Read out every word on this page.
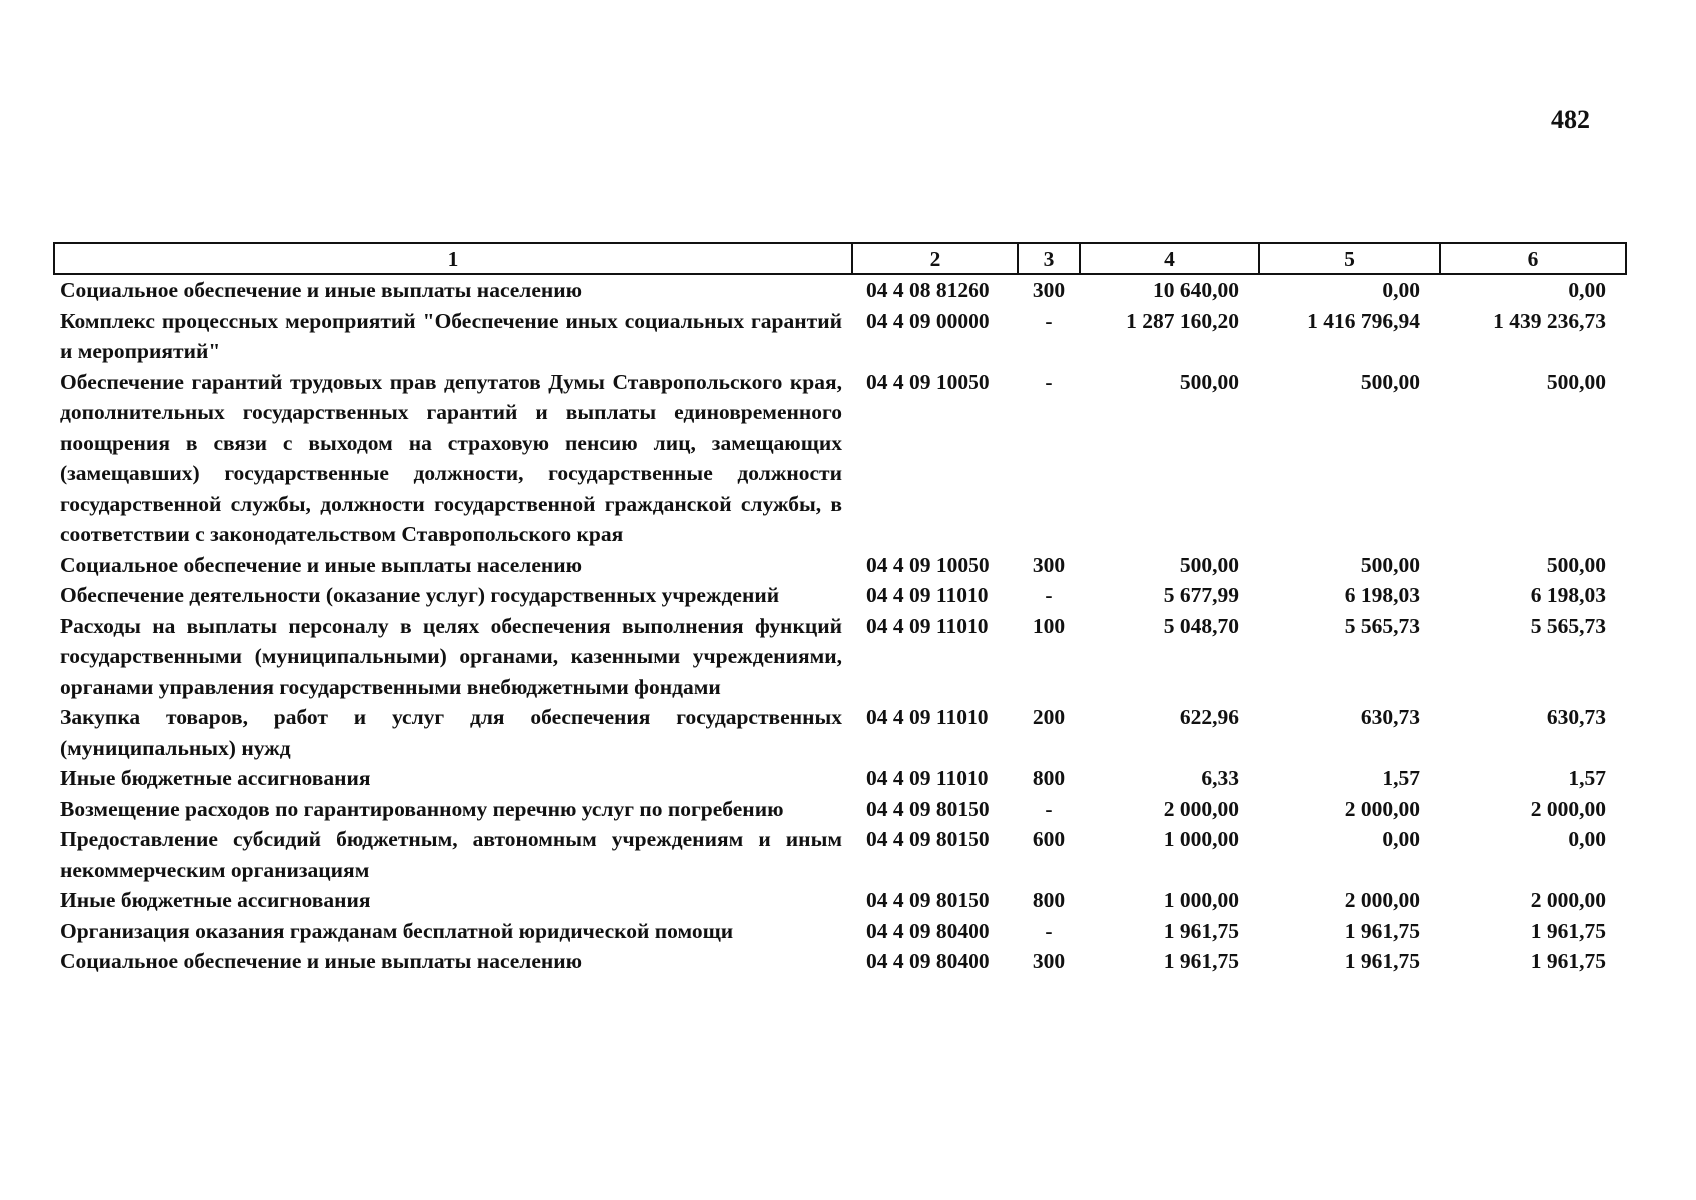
482
1	2	3	4	5	6
Социальное обеспечение и иные выплаты населению	04 4 08 81260	300	10 640,00	0,00	0,00
Комплекс процессных мероприятий "Обеспечение иных социальных гарантий и мероприятий"	04 4 09 00000	-	1 287 160,20	1 416 796,94	1 439 236,73
Обеспечение гарантий трудовых прав депутатов Думы Ставропольского края, дополнительных государственных гарантий и выплаты единовременного поощрения в связи с выходом на страховую пенсию лиц, замещающих (замещавших) государственные должности, государственные должности государственной службы, должности государственной гражданской службы, в соответствии с законодательством Ставропольского края	04 4 09 10050	-	500,00	500,00	500,00
Социальное обеспечение и иные выплаты населению	04 4 09 10050	300	500,00	500,00	500,00
Обеспечение деятельности (оказание услуг) государственных учреждений	04 4 09 11010	-	5 677,99	6 198,03	6 198,03
Расходы на выплаты персоналу в целях обеспечения выполнения функций государственными (муниципальными) органами, казенными учреждениями, органами управления государственными внебюджетными фондами	04 4 09 11010	100	5 048,70	5 565,73	5 565,73
Закупка товаров, работ и услуг для обеспечения государственных (муниципальных) нужд	04 4 09 11010	200	622,96	630,73	630,73
Иные бюджетные ассигнования	04 4 09 11010	800	6,33	1,57	1,57
Возмещение расходов по гарантированному перечню услуг по погребению	04 4 09 80150	-	2 000,00	2 000,00	2 000,00
Предоставление субсидий бюджетным, автономным учреждениям и иным некоммерческим организациям	04 4 09 80150	600	1 000,00	0,00	0,00
Иные бюджетные ассигнования	04 4 09 80150	800	1 000,00	2 000,00	2 000,00
Организация оказания гражданам бесплатной юридической помощи	04 4 09 80400	-	1 961,75	1 961,75	1 961,75
Социальное обеспечение и иные выплаты населению	04 4 09 80400	300	1 961,75	1 961,75	1 961,75
